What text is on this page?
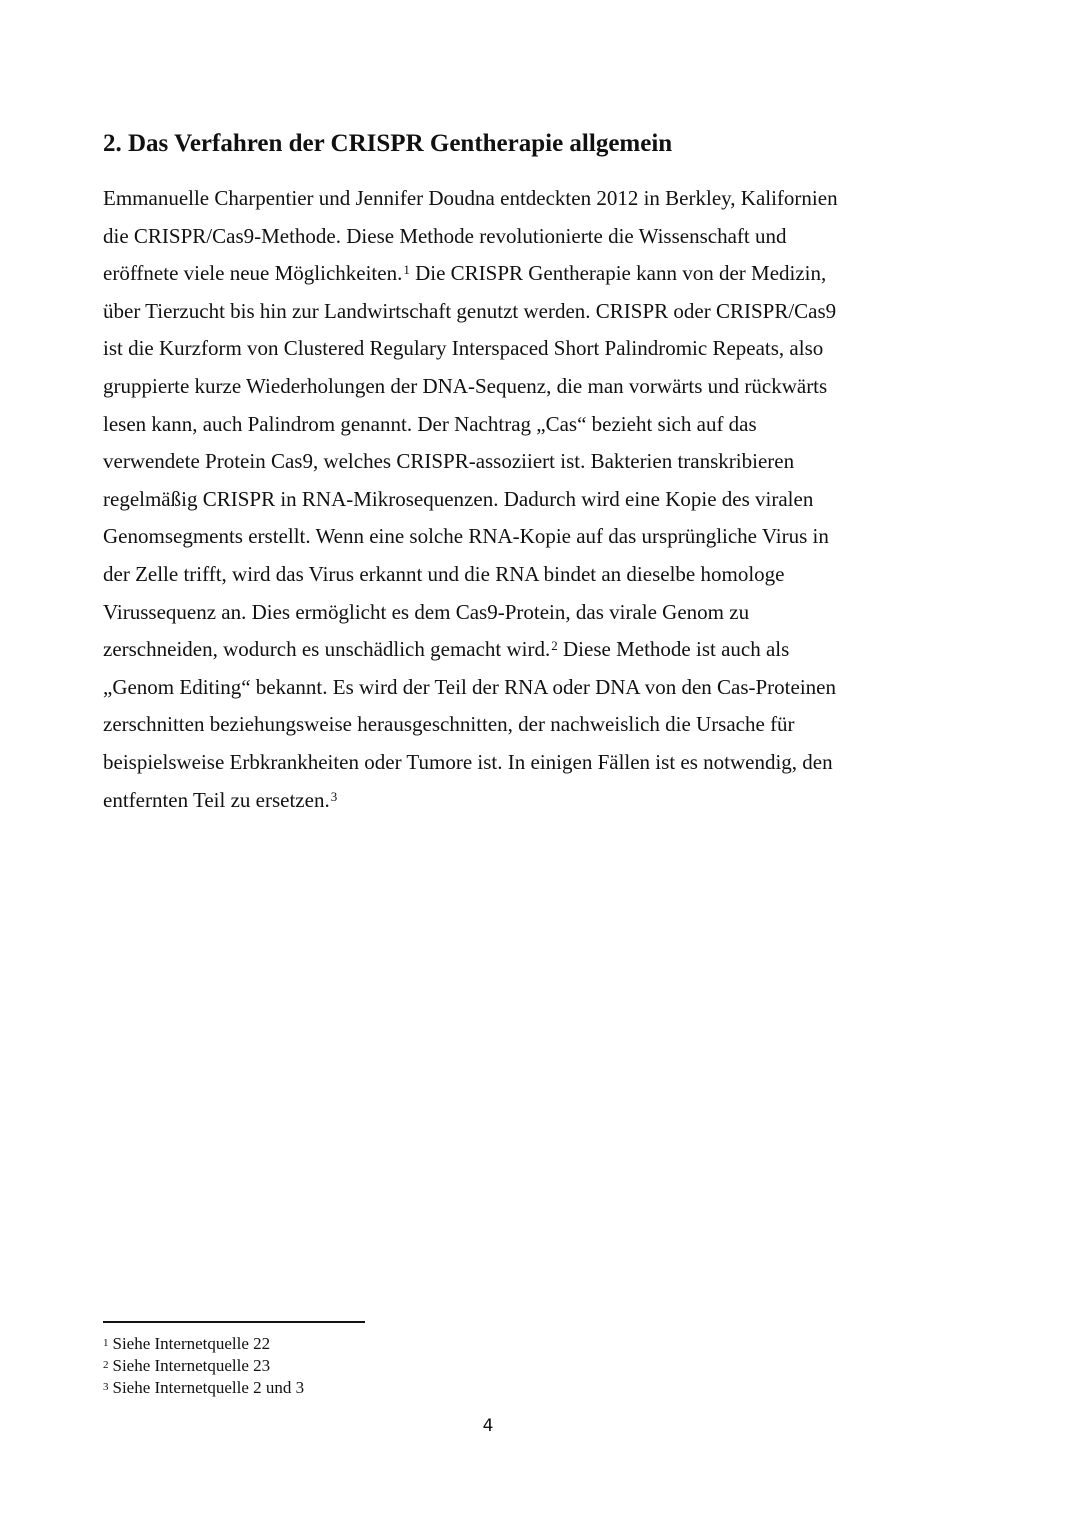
2. Das Verfahren der CRISPR Gentherapie allgemein
Emmanuelle Charpentier und Jennifer Doudna entdeckten 2012 in Berkley, Kalifornien
die CRISPR/Cas9-Methode. Diese Methode revolutionierte die Wissenschaft und
eröffnete viele neue Möglichkeiten.$^1$ Die CRISPR Gentherapie kann von der Medizin,
über Tierzucht bis hin zur Landwirtschaft genutzt werden. CRISPR oder CRISPR/Cas9
ist die Kurzform von Clustered Regulary Interspaced Short Palindromic Repeats, also
gruppierte kurze Wiederholungen der DNA-Sequenz, die man vorwärts und rückwärts
lesen kann, auch Palindrom genannt. Der Nachtrag „Cas“ bezieht sich auf das
verwendete Protein Cas9, welches CRISPR-assoziiert ist. Bakterien transkribieren
regelmäßig CRISPR in RNA-Mikrosequenzen. Dadurch wird eine Kopie des viralen
Genomsegments erstellt. Wenn eine solche RNA-Kopie auf das ursprüngliche Virus in
der Zelle trifft, wird das Virus erkannt und die RNA bindet an dieselbe homologe
Virussequenz an. Dies ermöglicht es dem Cas9-Protein, das virale Genom zu
zerschneiden, wodurch es unschädlich gemacht wird.$^2$ Diese Methode ist auch als
„Genom Editing“ bekannt. Es wird der Teil der RNA oder DNA von den Cas-Proteinen
zerschnitten beziehungsweise herausgeschnitten, der nachweislich die Ursache für
beispielsweise Erbkrankheiten oder Tumore ist. In einigen Fällen ist es notwendig, den
entfernten Teil zu ersetzen.$^3$
$^1$ Siehe Internetquelle 22
$^2$ Siehe Internetquelle 23
$^3$ Siehe Internetquelle 2 und 3
4
